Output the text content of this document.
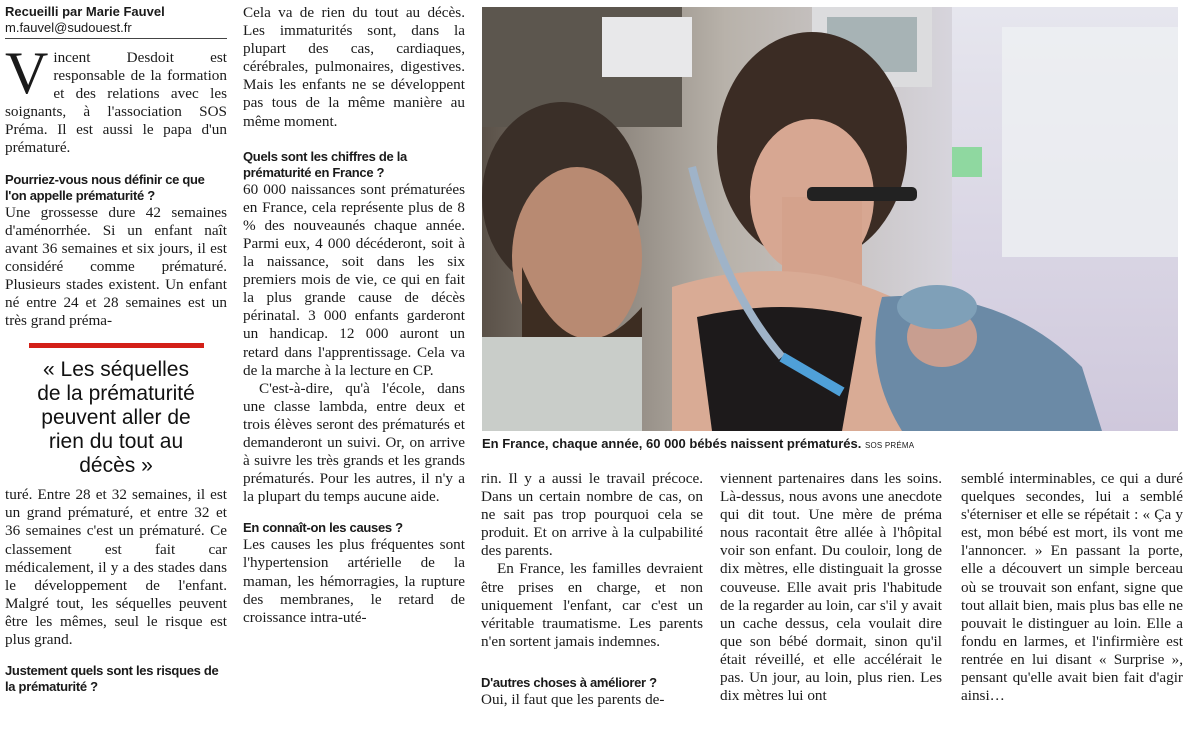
Recueilli par Marie Fauvel
m.fauvel@sudouest.fr

Vincent Desdoit est responsable de la formation et des relations avec les soignants, à l'association SOS Préma. Il est aussi le papa d'un prématuré.

Pourriez-vous nous définir ce que l'on appelle prématurité ?

Une grossesse dure 42 semaines d'aménorrhée. Si un enfant naît avant 36 semaines et six jours, il est considéré comme prématuré. Plusieurs stades existent. Un enfant né entre 24 et 28 semaines est un très grand préma-

« Les séquelles de la prématurité peuvent aller de rien du tout au décès »

turé. Entre 28 et 32 semaines, il est un grand prématuré, et entre 32 et 36 semaines c'est un prématuré. Ce classement est fait car médicalement, il y a des stades dans le développement de l'enfant. Malgré tout, les séquelles peuvent être les mêmes, seul le risque est plus grand.

Justement quels sont les risques de la prématurité ?

Cela va de rien du tout au décès. Les immaturités sont, dans la plupart des cas, cardiaques, cérébrales, pulmonaires, digestives. Mais les enfants ne se développent pas tous de la même manière au même moment.

Quels sont les chiffres de la prématurité en France ?

60 000 naissances sont prématurées en France, cela représente plus de 8 % des nouveaunés chaque année. Parmi eux, 4 000 décéderont, soit à la naissance, soit dans les six premiers mois de vie, ce qui en fait la plus grande cause de décès périnatal. 3 000 enfants garderont un handicap. 12 000 auront un retard dans l'apprentissage. Cela va de la marche à la lecture en CP.

C'est-à-dire, qu'à l'école, dans une classe lambda, entre deux et trois élèves seront des prématurés et demanderont un suivi. Or, on arrive à suivre les très grands et les grands prématurés. Pour les autres, il n'y a la plupart du temps aucune aide.

En connaît-on les causes ?

Les causes les plus fréquentes sont l'hypertension artérielle de la maman, les hémorragies, la rupture des membranes, le retard de croissance intra-uté-

En France, chaque année, 60 000 bébés naissent prématurés. SOS PRÉMA

rin. Il y a aussi le travail précoce. Dans un certain nombre de cas, on ne sait pas trop pourquoi cela se produit. Et on arrive à la culpabilité des parents.

En France, les familles devraient être prises en charge, et non uniquement l'enfant, car c'est un véritable traumatisme. Les parents n'en sortent jamais indemnes.

D'autres choses à améliorer ?

Oui, il faut que les parents de-

viennent partenaires dans les soins. Là-dessus, nous avons une anecdote qui dit tout. Une mère de préma nous racontait être allée à l'hôpital voir son enfant. Du couloir, long de dix mètres, elle distinguait la grosse couveuse. Elle avait pris l'habitude de la regarder au loin, car s'il y avait un cache dessus, cela voulait dire que son bébé dormait, sinon qu'il était réveillé, et elle accélérait le pas. Un jour, au loin, plus rien. Les dix mètres lui ont

semblé interminables, ce qui a duré quelques secondes, lui a semblé s'éterniser et elle se répétait : « Ça y est, mon bébé est mort, ils vont me l'annoncer. » En passant la porte, elle a découvert un simple berceau où se trouvait son enfant, signe que tout allait bien, mais plus bas elle ne pouvait le distinguer au loin. Elle a fondu en larmes, et l'infirmière est rentrée en lui disant « Surprise », pensant qu'elle avait bien fait d'agir ainsi…
